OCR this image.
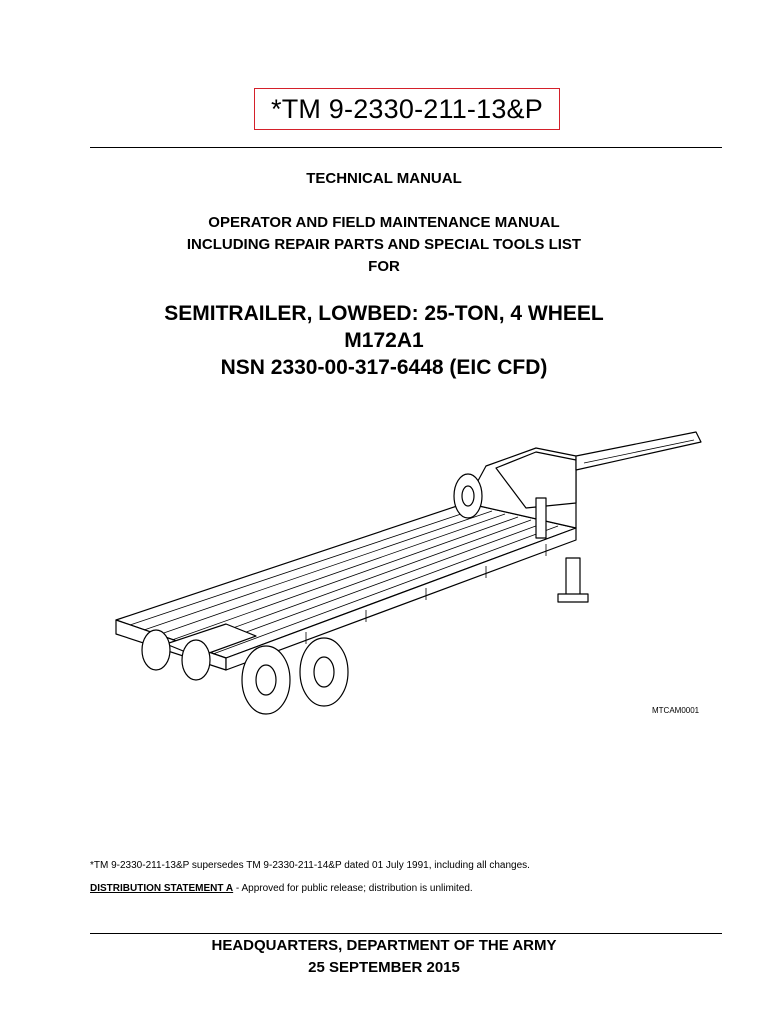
*TM 9-2330-211-13&P
TECHNICAL MANUAL
OPERATOR AND FIELD MAINTENANCE MANUAL
INCLUDING REPAIR PARTS AND SPECIAL TOOLS LIST
FOR
SEMITRAILER, LOWBED: 25-TON, 4 WHEEL
M172A1
NSN 2330-00-317-6448 (EIC CFD)
MTCAM0001
*TM 9-2330-211-13&P supersedes TM 9-2330-211-14&P dated 01 July 1991, including all changes.
DISTRIBUTION STATEMENT A - Approved for public release; distribution is unlimited.
HEADQUARTERS, DEPARTMENT OF THE ARMY
25 SEPTEMBER 2015
